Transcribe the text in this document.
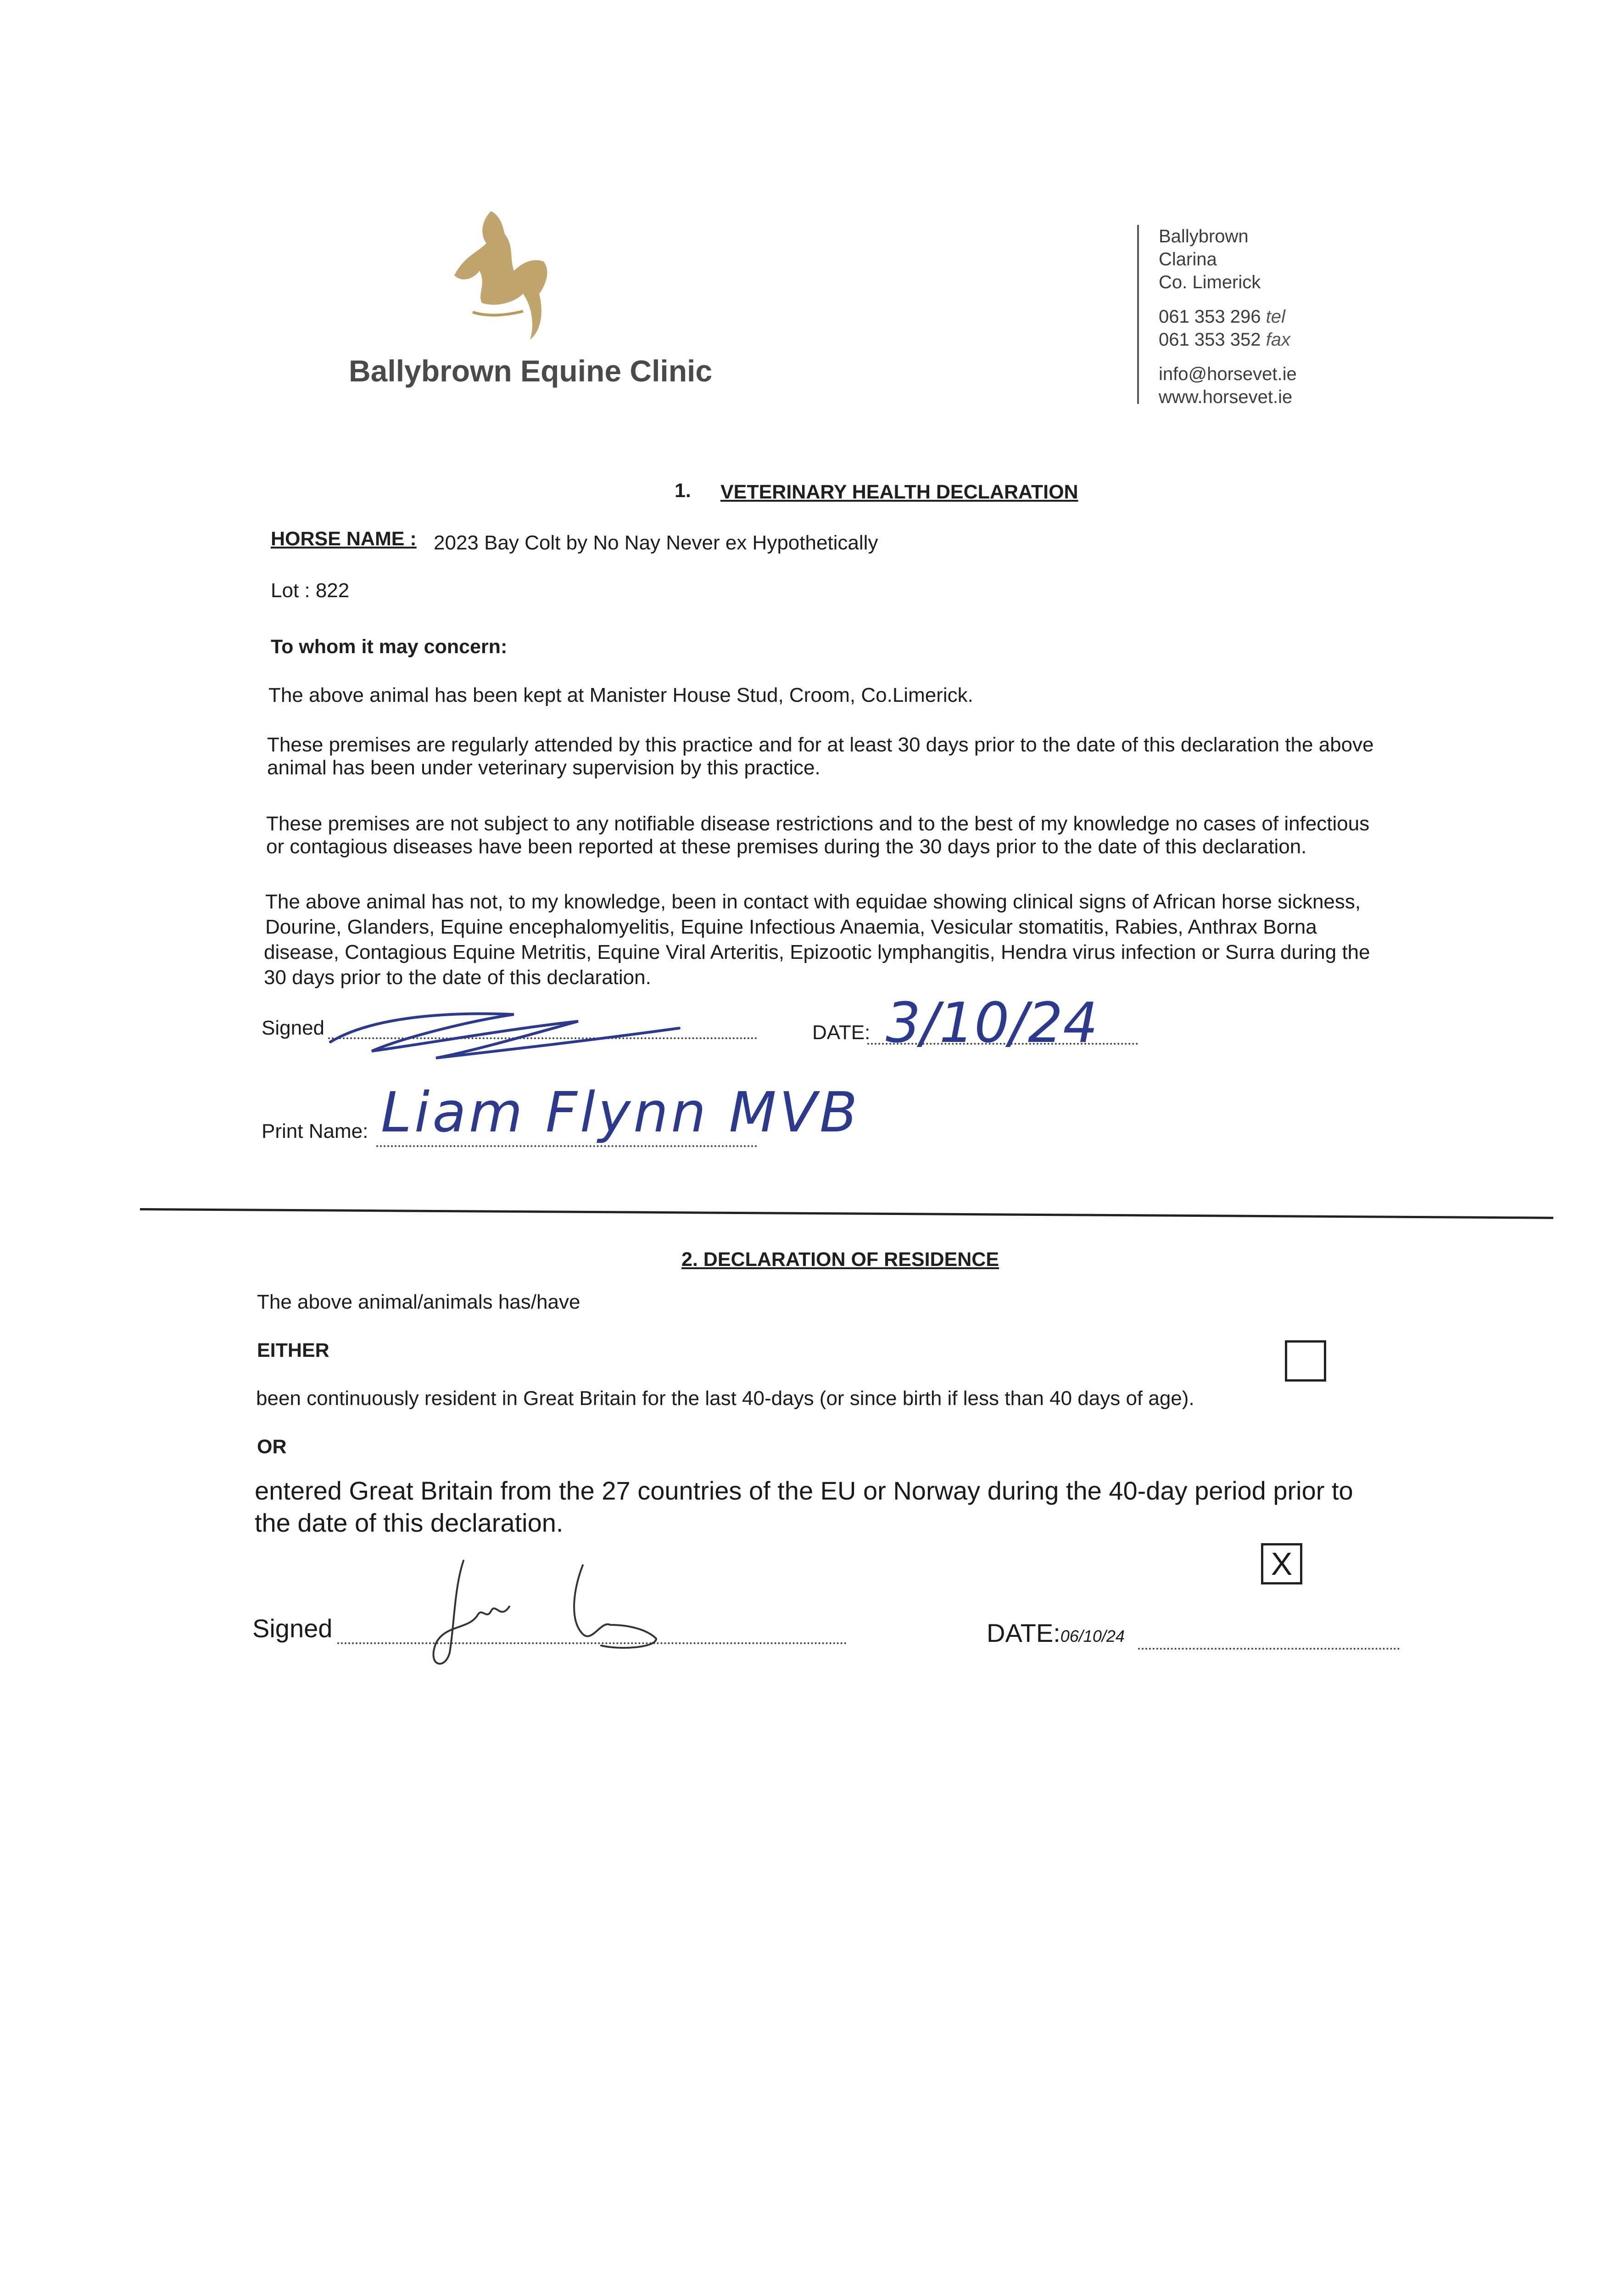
Ballybrown Equine Clinic
Ballybrown
Clarina
Co. Limerick
061 353 296 tel
061 353 352 fax
info@horsevet.ie
www.horsevet.ie
1. VETERINARY HEALTH DECLARATION
HORSE NAME : 2023 Bay Colt by No Nay Never ex Hypothetically
Lot : 822
To whom it may concern:
The above animal has been kept at Manister House Stud, Croom, Co.Limerick.
These premises are regularly attended by this practice and for at least 30 days prior to the date of this declaration the above
animal has been under veterinary supervision by this practice.
These premises are not subject to any notifiable disease restrictions and to the best of my knowledge no cases of infectious
or contagious diseases have been reported at these premises during the 30 days prior to the date of this declaration.
The above animal has not, to my knowledge, been in contact with equidae showing clinical signs of African horse sickness,
Dourine, Glanders, Equine encephalomyelitis, Equine Infectious Anaemia, Vesicular stomatitis, Rabies, Anthrax Borna
disease, Contagious Equine Metritis, Equine Viral Arteritis, Epizootic lymphangitis, Hendra virus infection or Surra during the
30 days prior to the date of this declaration.
Signed	DATE: 3/10/24
Print Name: Liam Flynn MVB
2. DECLARATION OF RESIDENCE
The above animal/animals has/have
EITHER
been continuously resident in Great Britain for the last 40-days (or since birth if less than 40 days of age).
OR
entered Great Britain from the 27 countries of the EU or Norway during the 40-day period prior to
the date of this declaration.
X
Signed	DATE:06/10/24
